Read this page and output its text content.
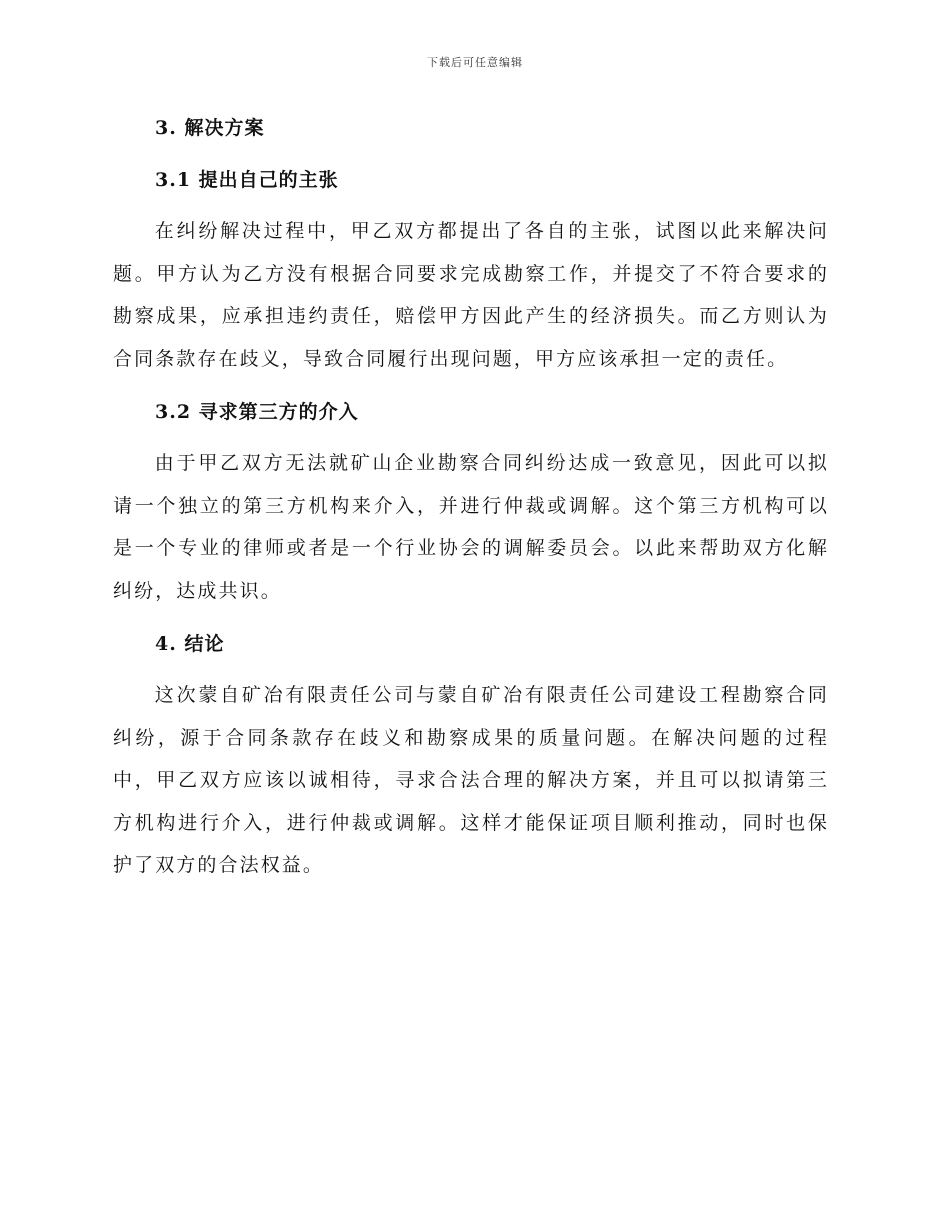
下载后可任意编辑
3. 解决方案
3.1 提出自己的主张

在纠纷解决过程中，甲乙双方都提出了各自的主张，试图以此来解决问题。甲方认为乙方没有根据合同要求完成勘察工作，并提交了不符合要求的勘察成果，应承担违约责任，赔偿甲方因此产生的经济损失。而乙方则认为合同条款存在歧义，导致合同履行出现问题，甲方应该承担一定的责任。

3.2 寻求第三方的介入

由于甲乙双方无法就矿山企业勘察合同纠纷达成一致意见，因此可以拟请一个独立的第三方机构来介入，并进行仲裁或调解。这个第三方机构可以是一个专业的律师或者是一个行业协会的调解委员会。以此来帮助双方化解纠纷，达成共识。

4. 结论

这次蒙自矿冶有限责任公司与蒙自矿冶有限责任公司建设工程勘察合同纠纷，源于合同条款存在歧义和勘察成果的质量问题。在解决问题的过程中，甲乙双方应该以诚相待，寻求合法合理的解决方案，并且可以拟请第三方机构进行介入，进行仲裁或调解。这样才能保证项目顺利推动，同时也保护了双方的合法权益。
